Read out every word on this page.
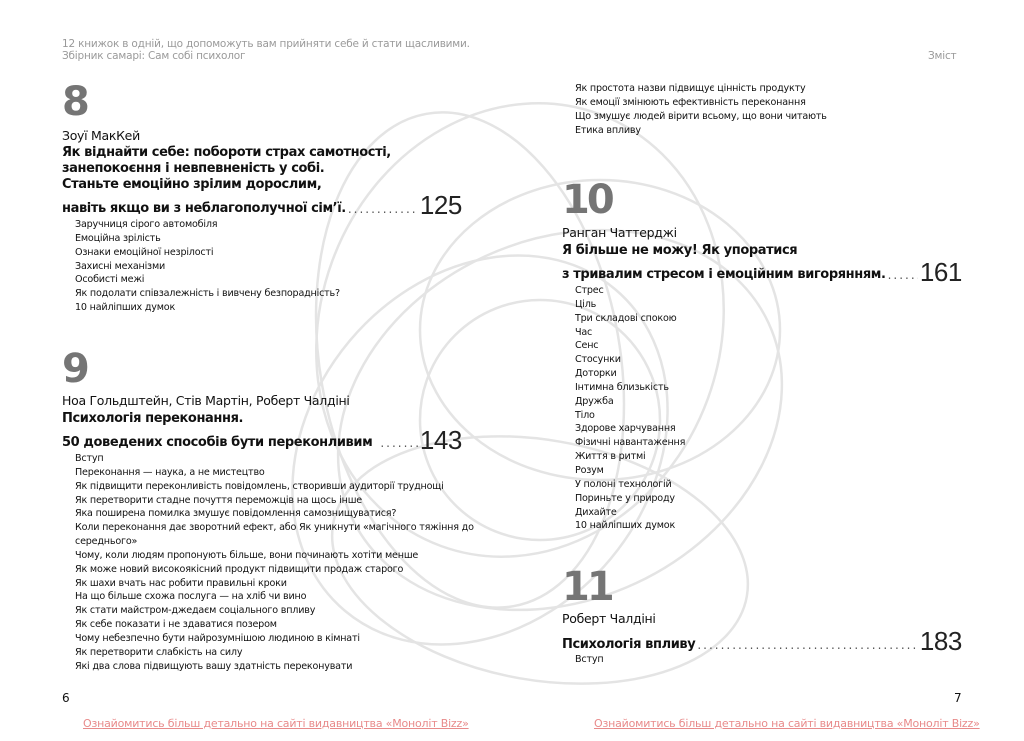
12 книжок в одній, що допоможуть вам прийняти себе й стати щасливими.
Збірник самарі: Сам собі психолог	Зміст
8
Зоуї МакКей
Як віднайти себе: побороти страх самотності,
занепокоєння і невпевненість у собі.
Станьте емоційно зрілим дорослим,
навіть якщо ви з неблагополучної сім’ї. .....	125
Заручниця сірого автомобіля
Емоційна зрілість
Ознаки емоційної незрілості
Захисні механізми
Особисті межі
Як подолати співзалежність і вивчену безпорадність?
10 найліпших думок
9
Ноа Гольдштейн, Стів Мартін, Роберт Чалдіні
Психологія переконання.
50 доведених способів бути переконливим ..... 143
Вступ
Переконання — наука, а не мистецтво
Як підвищити переконливість повідомлень, створивши аудиторії труднощі
Як перетворити стадне почуття переможців на щось інше
Яка поширена помилка змушує повідомлення самознищуватися?
Коли переконання дає зворотний ефект, або Як уникнути «магічного тяжіння до
середнього»
Чому, коли людям пропонують більше, вони починають хотіти менше
Як може новий високоякісний продукт підвищити продаж старого
Як шахи вчать нас робити правильні кроки
На що більше схожа послуга — на хліб чи вино
Як стати майстром-джедаєм соціального впливу
Як себе показати і не здаватися позером
Чому небезпечно бути найрозумнішою людиною в кімнаті
Як перетворити слабкість на силу
Які два слова підвищують вашу здатність переконувати
Як простота назви підвищує цінність продукту
Як емоції змінюють ефективність переконання
Що змушує людей вірити всьому, що вони читають
Етика впливу
10
Ранган Чаттерджі
Я більше не можу! Як упоратися
з тривалим стресом і емоційним вигорянням. ..... 161
Стрес
Ціль
Три складові спокою
Час
Сенс
Стосунки
Доторки
Інтимна близькість
Дружба
Тіло
Здорове харчування
Фізичні навантаження
Життя в ритмі
Розум
У полоні технологій
Пориньте у природу
Дихайте
10 найліпших думок
11
Роберт Чалдіні
Психологія впливу .....	183
Вступ
6	7
Ознайомитись більш детально на сайті видавництва «Моноліт Bizz»	Ознайомитись більш детально на сайті видавництва «Моноліт Bizz»
